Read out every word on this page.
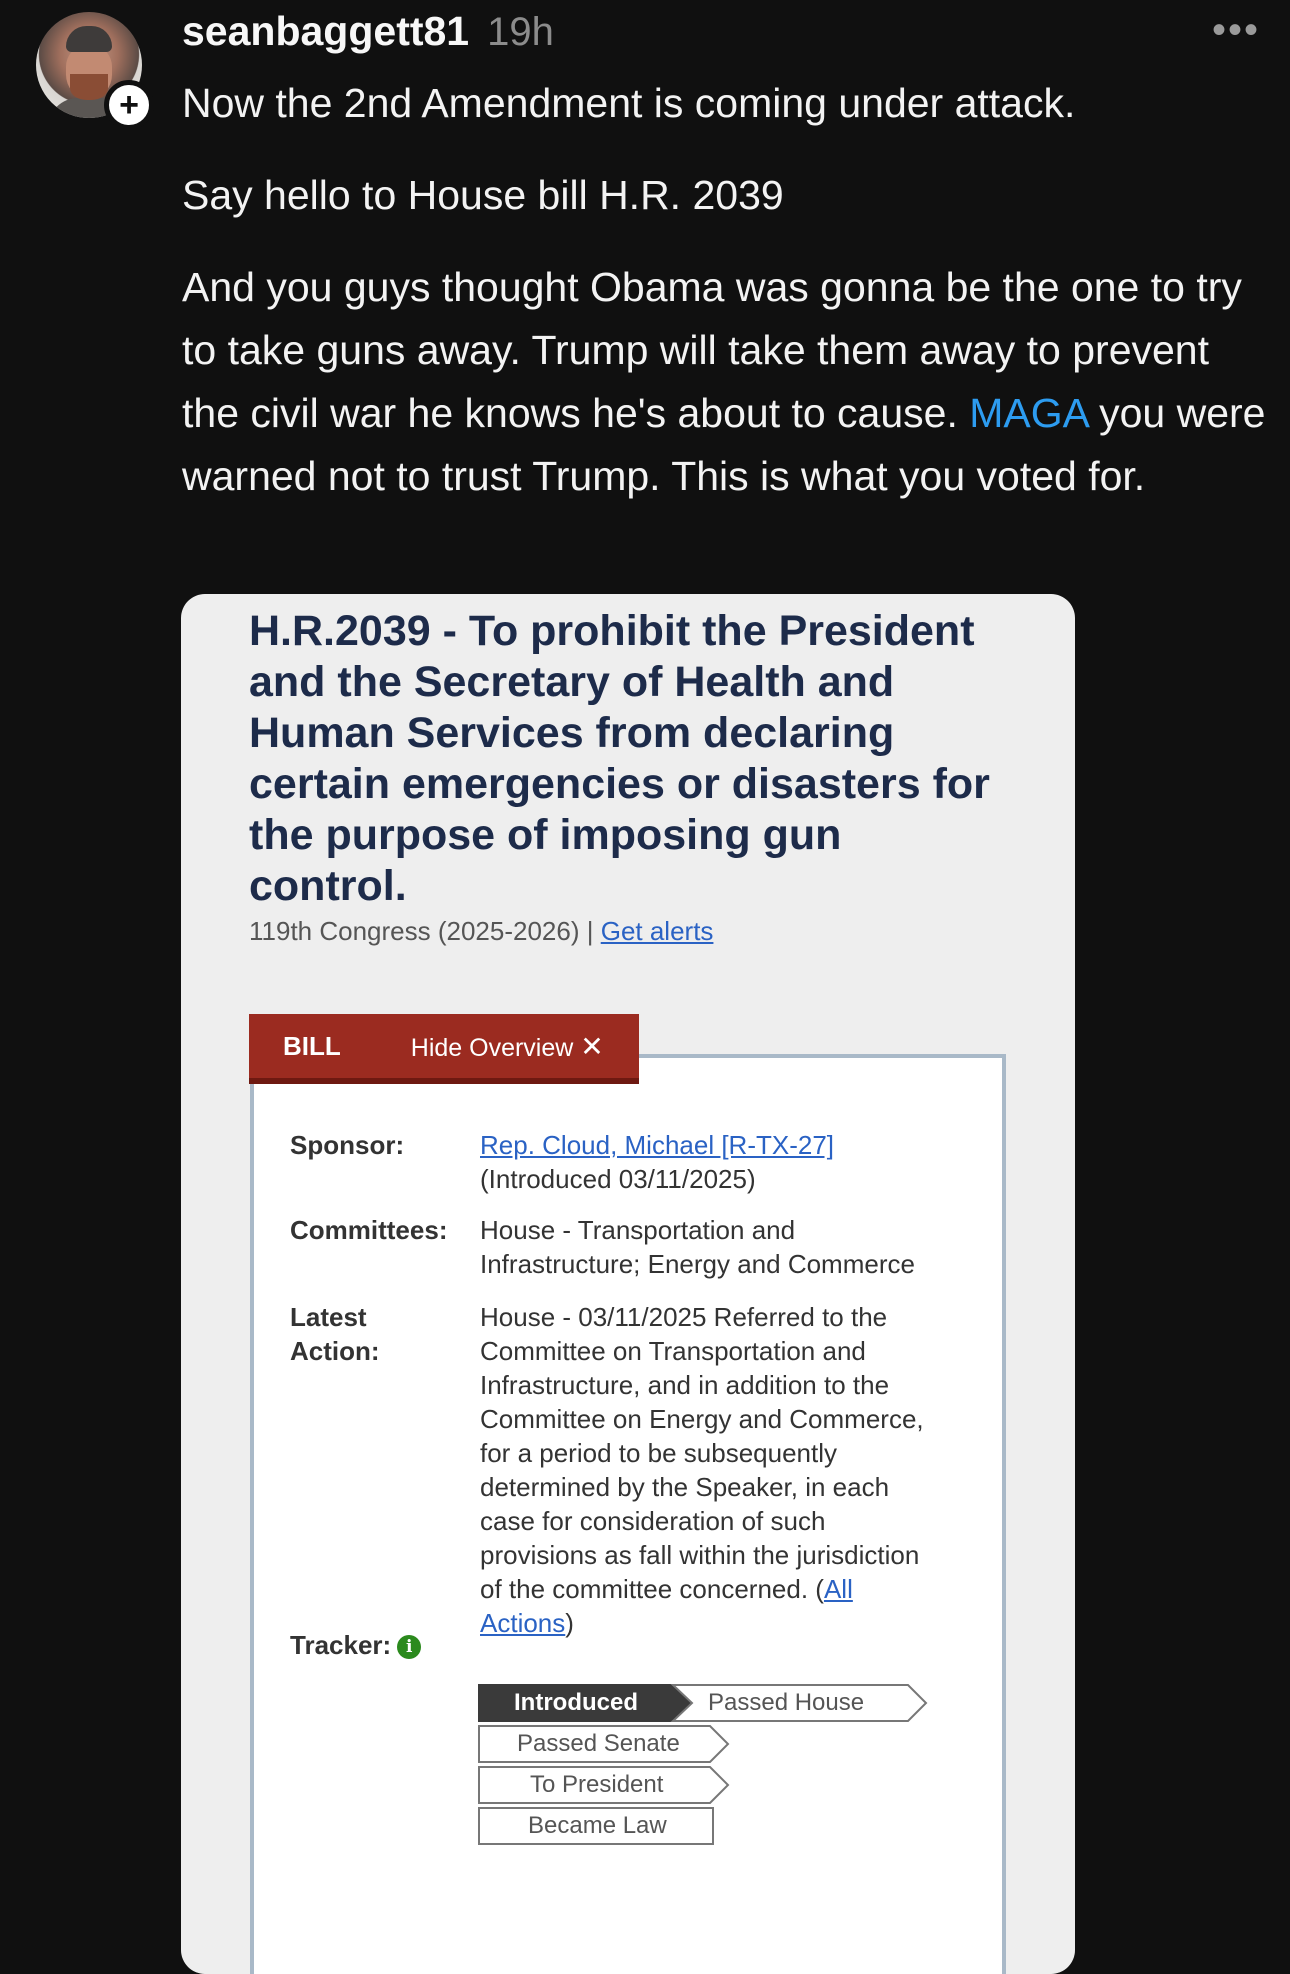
+
seanbaggett81 19h	•••

Now the 2nd Amendment is coming under attack.

Say hello to House bill H.R. 2039

And you guys thought Obama was gonna be the one to try to take guns away. Trump will take them away to prevent the civil war he knows he's about to cause. MAGA you were warned not to trust Trump. This is what you voted for.

H.R.2039 - To prohibit the President and the Secretary of Health and Human Services from declaring certain emergencies or disasters for the purpose of imposing gun control.
119th Congress (2025-2026) | Get alerts
Sponsor:	Rep. Cloud, Michael [R-TX-27]
(Introduced 03/11/2025)
Committees:	House - Transportation and Infrastructure; Energy and Commerce
Latest Action:
House - 03/11/2025 Referred to the Committee on Transportation and Infrastructure, and in addition to the Committee on Energy and Commerce, for a period to be subsequently determined by the Speaker, in each case for consideration of such provisions as fall within the jurisdiction of the committee concerned. (All Actions)
Tracker: i
Introduced	Passed House
Passed Senate
To President
Became Law
BILL	Hide Overview ✕
